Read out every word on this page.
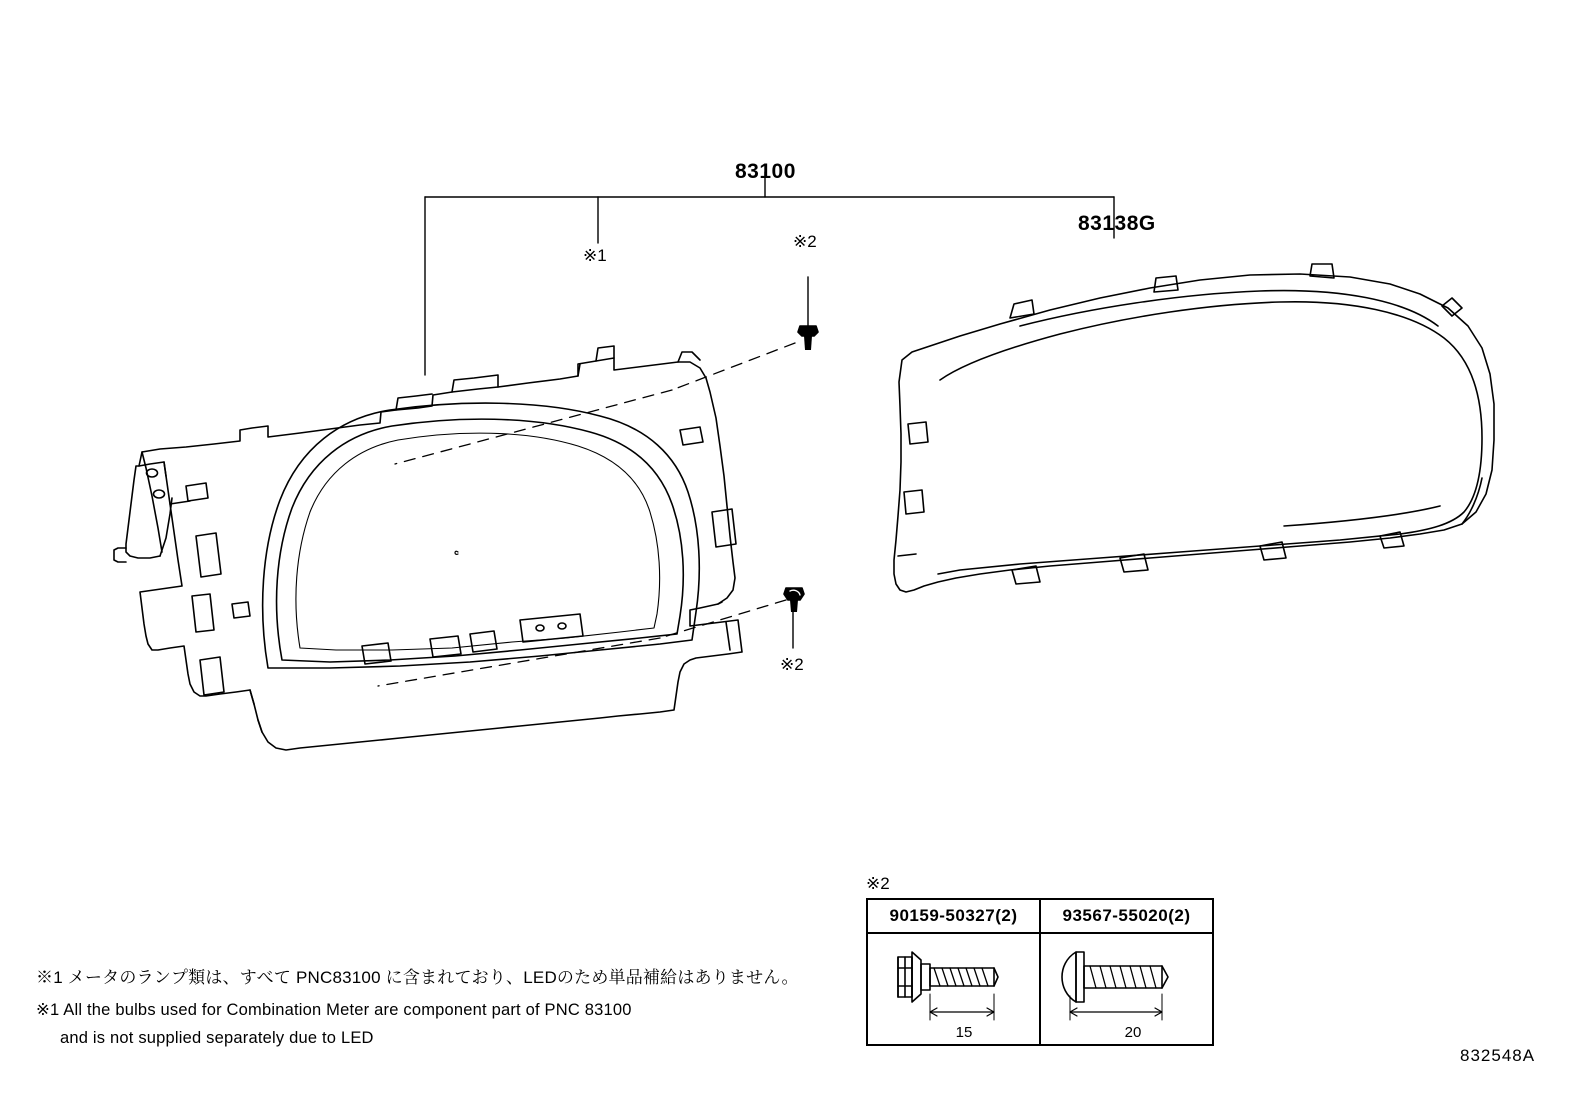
83100
83138G
※1
※2
※2
※1 メータのランプ類は、すべて PNC83100 に含まれており、LEDのため単品補給はありません。
※1 All the bulbs used for Combination Meter are component part of PNC 83100
and is not supplied separately due to LED
832548A
※2
90159-50327(2)	93567-55020(2)
15	20
